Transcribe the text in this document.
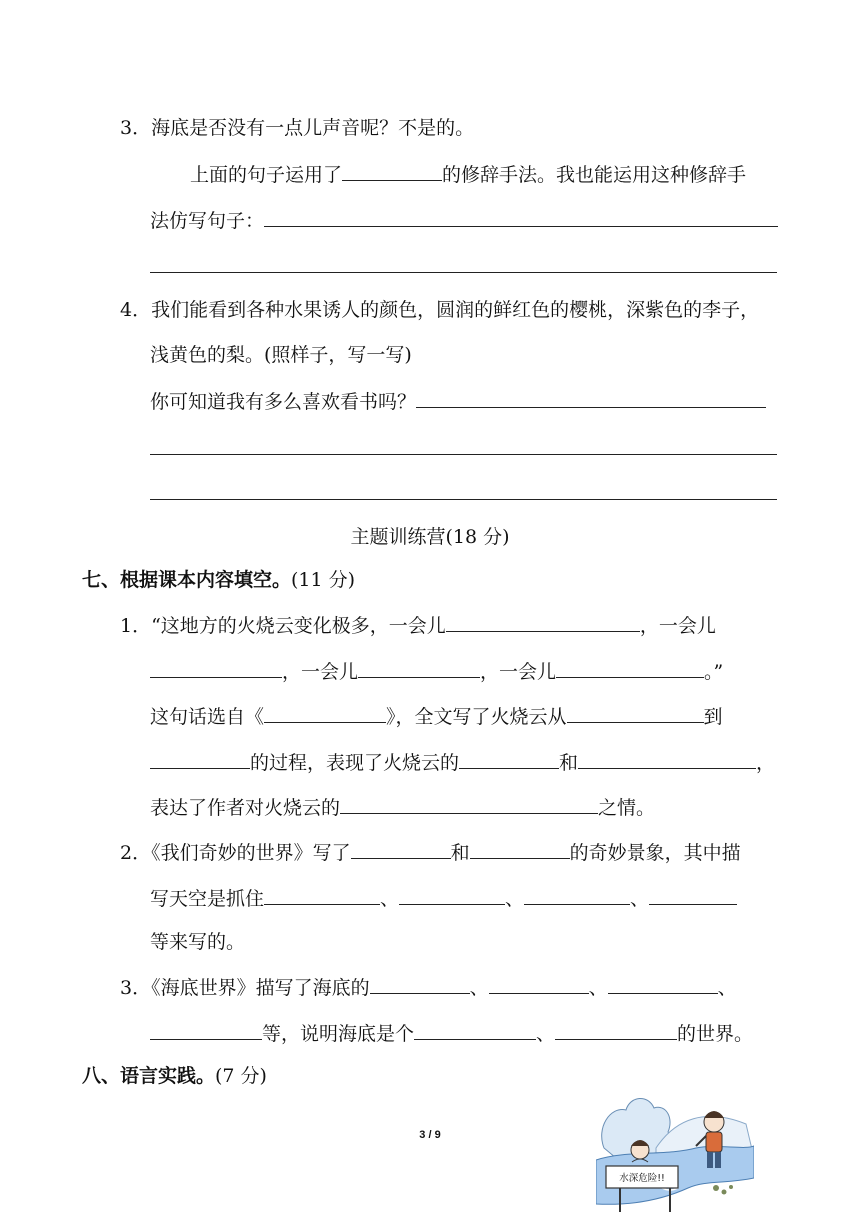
3．海底是否没有一点儿声音呢？不是的。
上面的句子运用了	的修辞手法。我也能运用这种修辞手
法仿写句子：
4．我们能看到各种水果诱人的颜色，圆润的鲜红色的樱桃，深紫色的李子，
浅黄色的梨。(照样子，写一写)
你可知道我有多么喜欢看书吗？
主题训练营(18 分)
七、根据课本内容填空。(11 分)
1．“这地方的火烧云变化极多，一会儿	，一会儿
，一会儿	，一会儿	。”
这句话选自《	》，全文写了火烧云从	到
的过程，表现了火烧云的	和	，
表达了作者对火烧云的	之情。
2．《我们奇妙的世界》写了	和	的奇妙景象，其中描
写天空是抓住	、	、	、
等来写的。
3．《海底世界》描写了海底的	、	、	、
等，说明海底是个	、	的世界。
八、语言实践。(7 分)
3 / 9
水深危险!!
